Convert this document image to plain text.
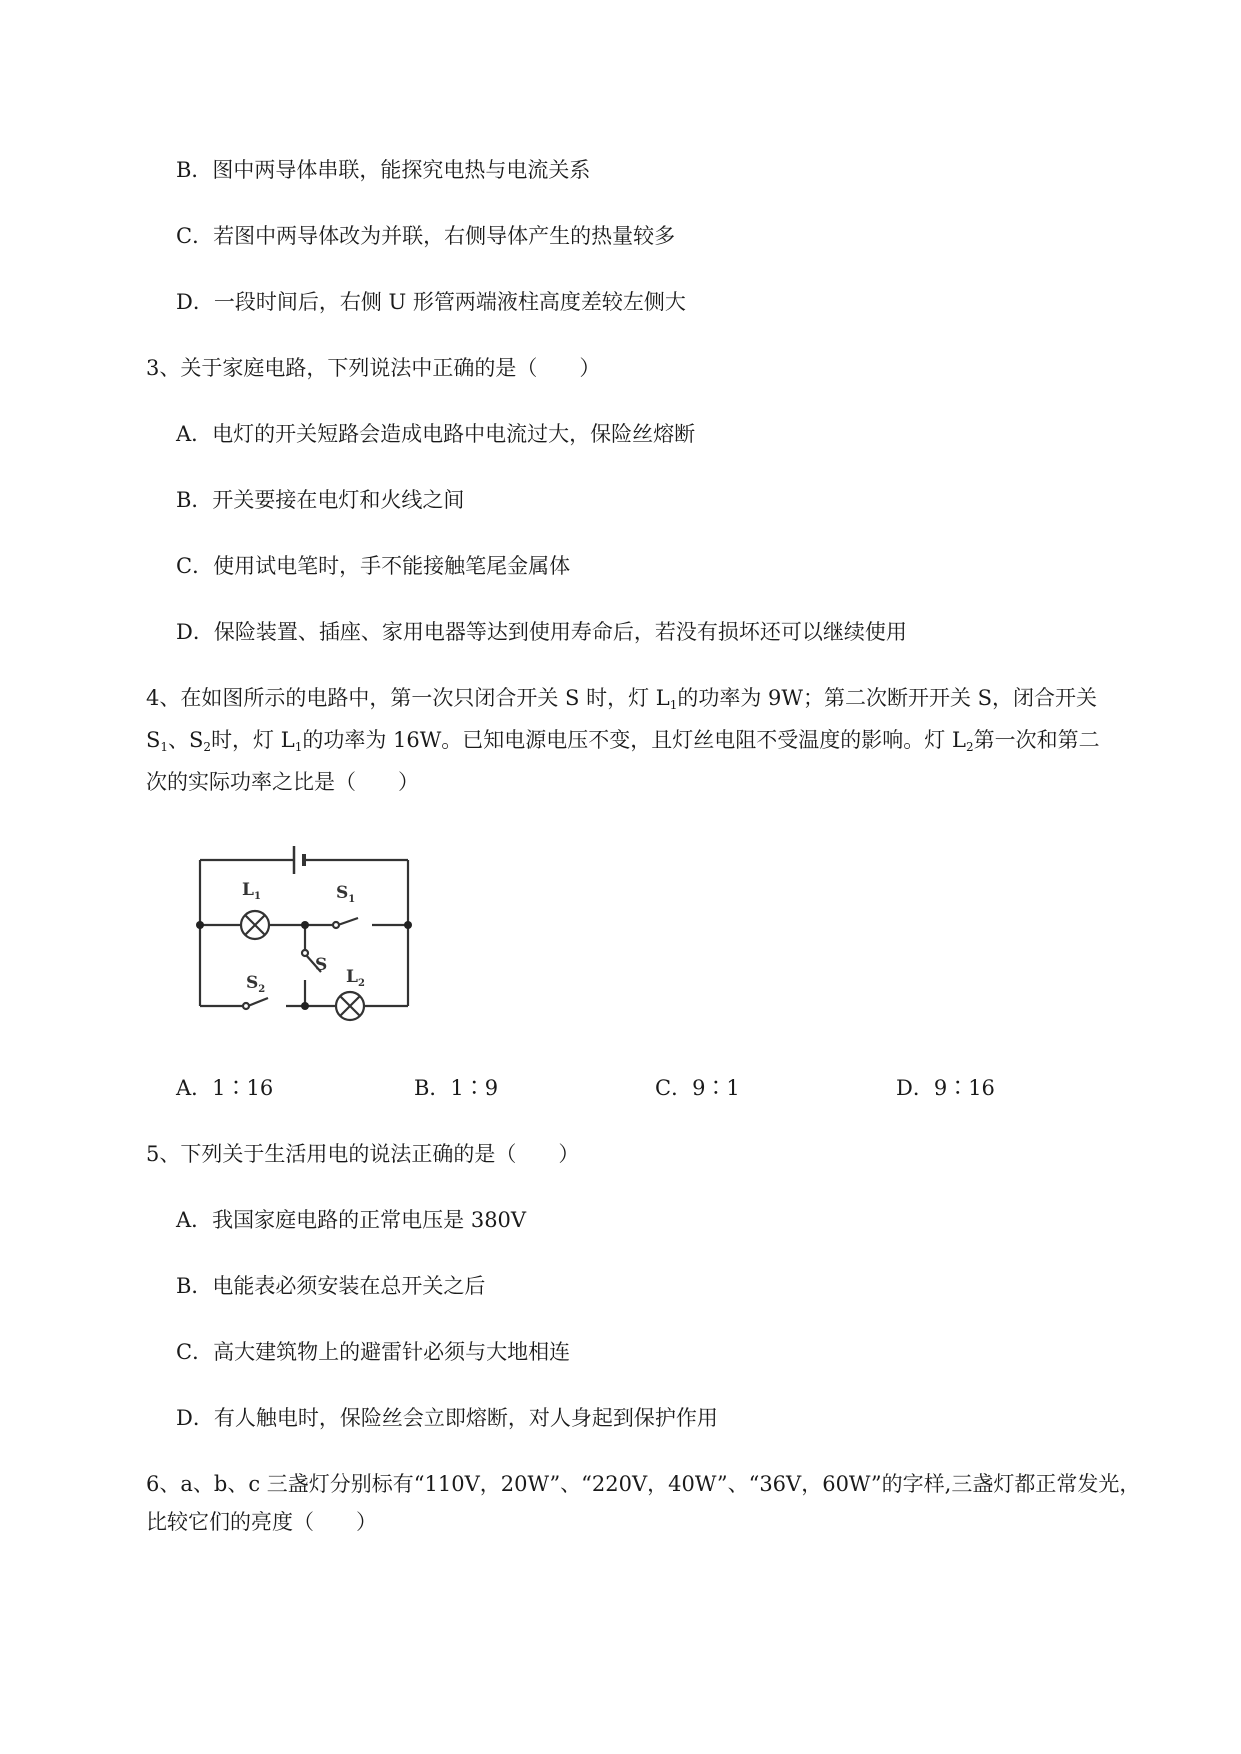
B．图中两导体串联，能探究电热与电流关系
C．若图中两导体改为并联，右侧导体产生的热量较多
D．一段时间后，右侧 U 形管两端液柱高度差较左侧大
3、关于家庭电路，下列说法中正确的是（　　）
A．电灯的开关短路会造成电路中电流过大，保险丝熔断
B．开关要接在电灯和火线之间
C．使用试电笔时，手不能接触笔尾金属体
D．保险装置、插座、家用电器等达到使用寿命后，若没有损坏还可以继续使用
4、在如图所示的电路中，第一次只闭合开关 S 时，灯 $L_1$的功率为 9W；第二次断开开关 S，闭合开关
$S_1$、$S_2$时，灯 $L_1$的功率为 16W。已知电源电压不变，且灯丝电阻不受温度的影响。灯 $L_2$第一次和第二
次的实际功率之比是（　　）
$L_1$	$S_1$
S
$S_2$
$L_2$
A．1∶16	B．1∶9	C．9∶1	D．9∶16
5、下列关于生活用电的说法正确的是（　　）
A．我国家庭电路的正常电压是 380V
B．电能表必须安装在总开关之后
C．高大建筑物上的避雷针必须与大地相连
D．有人触电时，保险丝会立即熔断，对人身起到保护作用
6、a、b、c 三盏灯分别标有“110V，20W”、“220V，40W”、“36V，60W”的字样,三盏灯都正常发光，
比较它们的亮度（　　）
